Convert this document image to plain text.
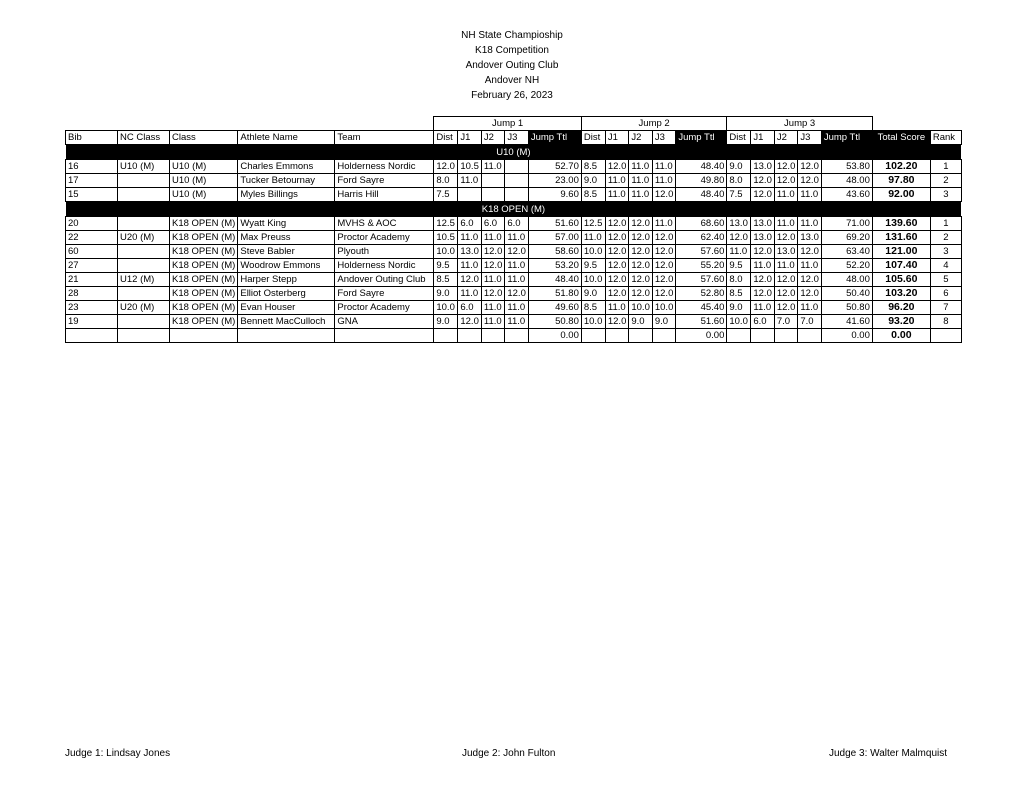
NH State Champioship
K18 Competition
Andover Outing Club
Andover NH
February 26, 2023
					Jump 1					Jump 2					Jump 3						
Bib	NC Class	Class	Athlete Name	Team	Dist	J1	J2	J3	Jump Ttl	Dist	J1	J2	J3	Jump Ttl	Dist	J1	J2	J3	Jump Ttl	Total Score	Rank
U10 (M)																					
16	U10 (M)	U10 (M)	Charles Emmons	Holderness Nordic	12.0	10.5	11.0		52.70	8.5	12.0	11.0	11.0	48.40	9.0	13.0	12.0	12.0	53.80	102.20	1
17		U10 (M)	Tucker Betournay	Ford Sayre	8.0	11.0			23.00	9.0	11.0	11.0	11.0	49.80	8.0	12.0	12.0	12.0	48.00	97.80	2
15		U10 (M)	Myles Billings	Harris Hill	7.5				9.60	8.5	11.0	11.0	12.0	48.40	7.5	12.0	11.0	11.0	43.60	92.00	3
K18 OPEN (M)																					
20		K18 OPEN (M)	Wyatt King	MVHS & AOC	12.5	6.0	6.0	6.0	51.60	12.5	12.0	12.0	11.0	68.60	13.0	13.0	11.0	11.0	71.00	139.60	1
22	U20 (M)	K18 OPEN (M)	Max Preuss	Proctor Academy	10.5	11.0	11.0	11.0	57.00	11.0	12.0	12.0	12.0	62.40	12.0	13.0	12.0	13.0	69.20	131.60	2
60		K18 OPEN (M)	Steve Babler	Plyouth	10.0	13.0	12.0	12.0	58.60	10.0	12.0	12.0	12.0	57.60	11.0	12.0	13.0	12.0	63.40	121.00	3
27		K18 OPEN (M)	Woodrow Emmons	Holderness Nordic	9.5	11.0	12.0	11.0	53.20	9.5	12.0	12.0	12.0	55.20	9.5	11.0	11.0	11.0	52.20	107.40	4
21	U12 (M)	K18 OPEN (M)	Harper Stepp	Andover Outing Club	8.5	12.0	11.0	11.0	48.40	10.0	12.0	12.0	12.0	57.60	8.0	12.0	12.0	12.0	48.00	105.60	5
28		K18 OPEN (M)	Elliot Osterberg	Ford Sayre	9.0	11.0	12.0	12.0	51.80	9.0	12.0	12.0	12.0	52.80	8.5	12.0	12.0	12.0	50.40	103.20	6
23	U20 (M)	K18 OPEN (M)	Evan Houser	Proctor Academy	10.0	6.0	11.0	11.0	49.60	8.5	11.0	10.0	10.0	45.40	9.0	11.0	12.0	11.0	50.80	96.20	7
19		K18 OPEN (M)	Bennett MacCulloch	GNA	9.0	12.0	11.0	11.0	50.80	10.0	12.0	9.0	9.0	51.60	10.0	6.0	7.0	7.0	41.60	93.20	8
									0.00					0.00					0.00	0.00	
Judge 1: Lindsay Jones	Judge 2: John Fulton	Judge 3: Walter Malmquist
